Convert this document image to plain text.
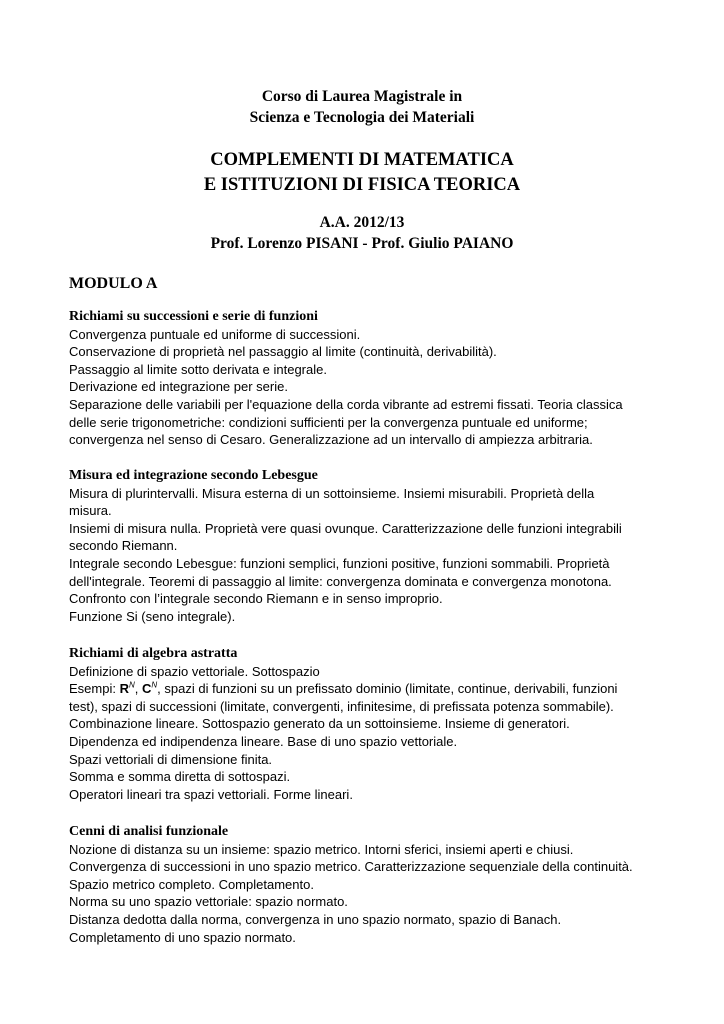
Corso di Laurea Magistrale in
Scienza e Tecnologia dei Materiali
COMPLEMENTI DI MATEMATICA
E ISTITUZIONI DI FISICA TEORICA
A.A. 2012/13
Prof. Lorenzo PISANI - Prof. Giulio PAIANO
MODULO A
Richiami su successioni e serie di funzioni
Convergenza puntuale ed uniforme di successioni.
Conservazione di proprietà nel passaggio al limite (continuità, derivabilità).
Passaggio al limite sotto derivata e integrale.
Derivazione ed integrazione per serie.
Separazione delle variabili per l'equazione della corda vibrante ad estremi fissati. Teoria classica
delle serie trigonometriche: condizioni sufficienti per la convergenza puntuale ed uniforme;
convergenza nel senso di Cesaro. Generalizzazione ad un intervallo di ampiezza arbitraria.
Misura ed integrazione secondo Lebesgue
Misura di plurintervalli. Misura esterna di un sottoinsieme. Insiemi misurabili. Proprietà della
misura.
Insiemi di misura nulla. Proprietà vere quasi ovunque. Caratterizzazione delle funzioni integrabili
secondo Riemann.
Integrale secondo Lebesgue: funzioni semplici, funzioni positive, funzioni sommabili. Proprietà
dell'integrale. Teoremi di passaggio al limite: convergenza dominata e convergenza monotona.
Confronto con l’integrale secondo Riemann e in senso improprio.
Funzione Si (seno integrale).
Richiami di algebra astratta
Definizione di spazio vettoriale. Sottospazio
Esempi: $R^N$, $C^N$, spazi di funzioni su un prefissato dominio (limitate, continue, derivabili, funzioni
test), spazi di successioni (limitate, convergenti, infinitesime, di prefissata potenza sommabile).
Combinazione lineare. Sottospazio generato da un sottoinsieme. Insieme di generatori.
Dipendenza ed indipendenza lineare. Base di uno spazio vettoriale.
Spazi vettoriali di dimensione finita.
Somma e somma diretta di sottospazi.
Operatori lineari tra spazi vettoriali. Forme lineari.
Cenni di analisi funzionale
Nozione di distanza su un insieme: spazio metrico. Intorni sferici, insiemi aperti e chiusi.
Convergenza di successioni in uno spazio metrico. Caratterizzazione sequenziale della continuità.
Spazio metrico completo. Completamento.
Norma su uno spazio vettoriale: spazio normato.
Distanza dedotta dalla norma, convergenza in uno spazio normato, spazio di Banach.
Completamento di uno spazio normato.
